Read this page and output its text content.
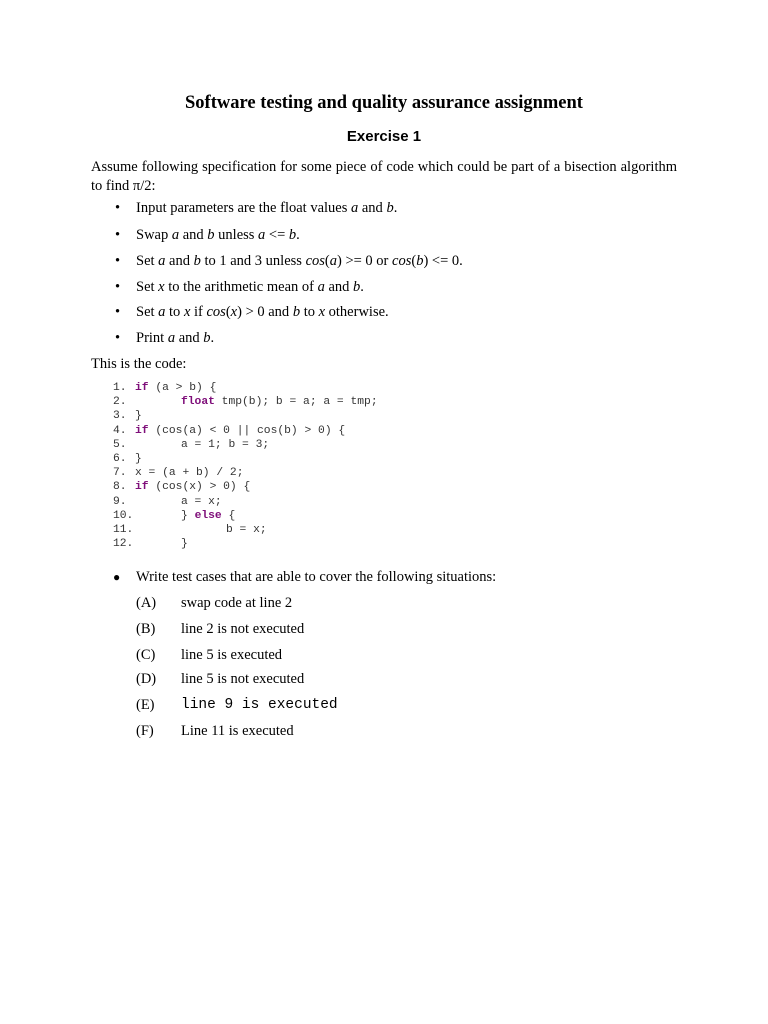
Software testing and quality assurance assignment
Exercise 1
Assume following specification for some piece of code which could be part of a bisection algorithm to find π/2:
• Input parameters are the float values a and b.
• Swap a and b unless a <= b.
• Set a and b to 1 and 3 unless cos(a) >= 0 or cos(b) <= 0.
• Set x to the arithmetic mean of a and b.
• Set a to x if cos(x) > 0 and b to x otherwise.
• Print a and b.
This is the code:
1. if (a > b) {
2.	float tmp(b); b = a; a = tmp;
3. }
4. if (cos(a) < 0 || cos(b) > 0) {
5.	a = 1; b = 3;
6. }
7. x = (a + b) / 2;
8. if (cos(x) > 0) {
9.	a = x;
10.	} else {
11.	b = x;
12.	}
● Write test cases that are able to cover the following situations:
(A) swap code at line 2
(B) line 2 is not executed
(C) line 5 is executed
(D) line 5 is not executed
(E) line 9 is executed
(F) Line 11 is executed
